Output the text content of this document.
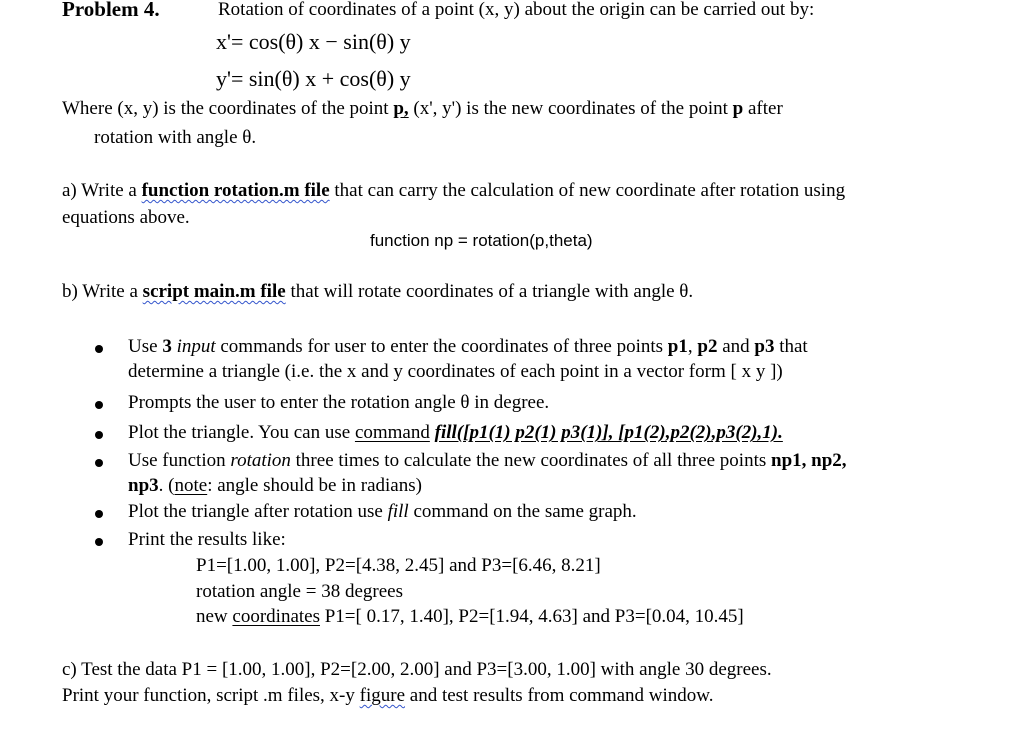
Problem 4.	Rotation of coordinates of a point (x, y) about the origin can be carried out by:
x'= cos(θ) x − sin(θ) y
y'= sin(θ) x + cos(θ) y
Where (x, y) is the coordinates of the point p, (x', y') is the new coordinates of the point p after
rotation with angle θ.
a) Write a function rotation.m file that can carry the calculation of new coordinate after rotation using
equations above.
function np = rotation(p,theta)
b) Write a script main.m file that will rotate coordinates of a triangle with angle θ.
Use 3 input commands for user to enter the coordinates of three points p1, p2 and p3 that
determine a triangle (i.e. the x and y coordinates of each point in a vector form [ x y ])
Prompts the user to enter the rotation angle θ in degree.
Plot the triangle. You can use command fill([p1(1) p2(1) p3(1)], [p1(2),p2(2),p3(2),1).
Use function rotation three times to calculate the new coordinates of all three points np1, np2,
np3. (note: angle should be in radians)
Plot the triangle after rotation use fill command on the same graph.
Print the results like:
P1=[1.00, 1.00], P2=[4.38, 2.45] and P3=[6.46, 8.21]
rotation angle = 38 degrees
new coordinates P1=[ 0.17, 1.40], P2=[1.94, 4.63] and P3=[0.04, 10.45]
c) Test the data P1 = [1.00, 1.00], P2=[2.00, 2.00] and P3=[3.00, 1.00] with angle 30 degrees.
Print your function, script .m files, x-y figure and test results from command window.
